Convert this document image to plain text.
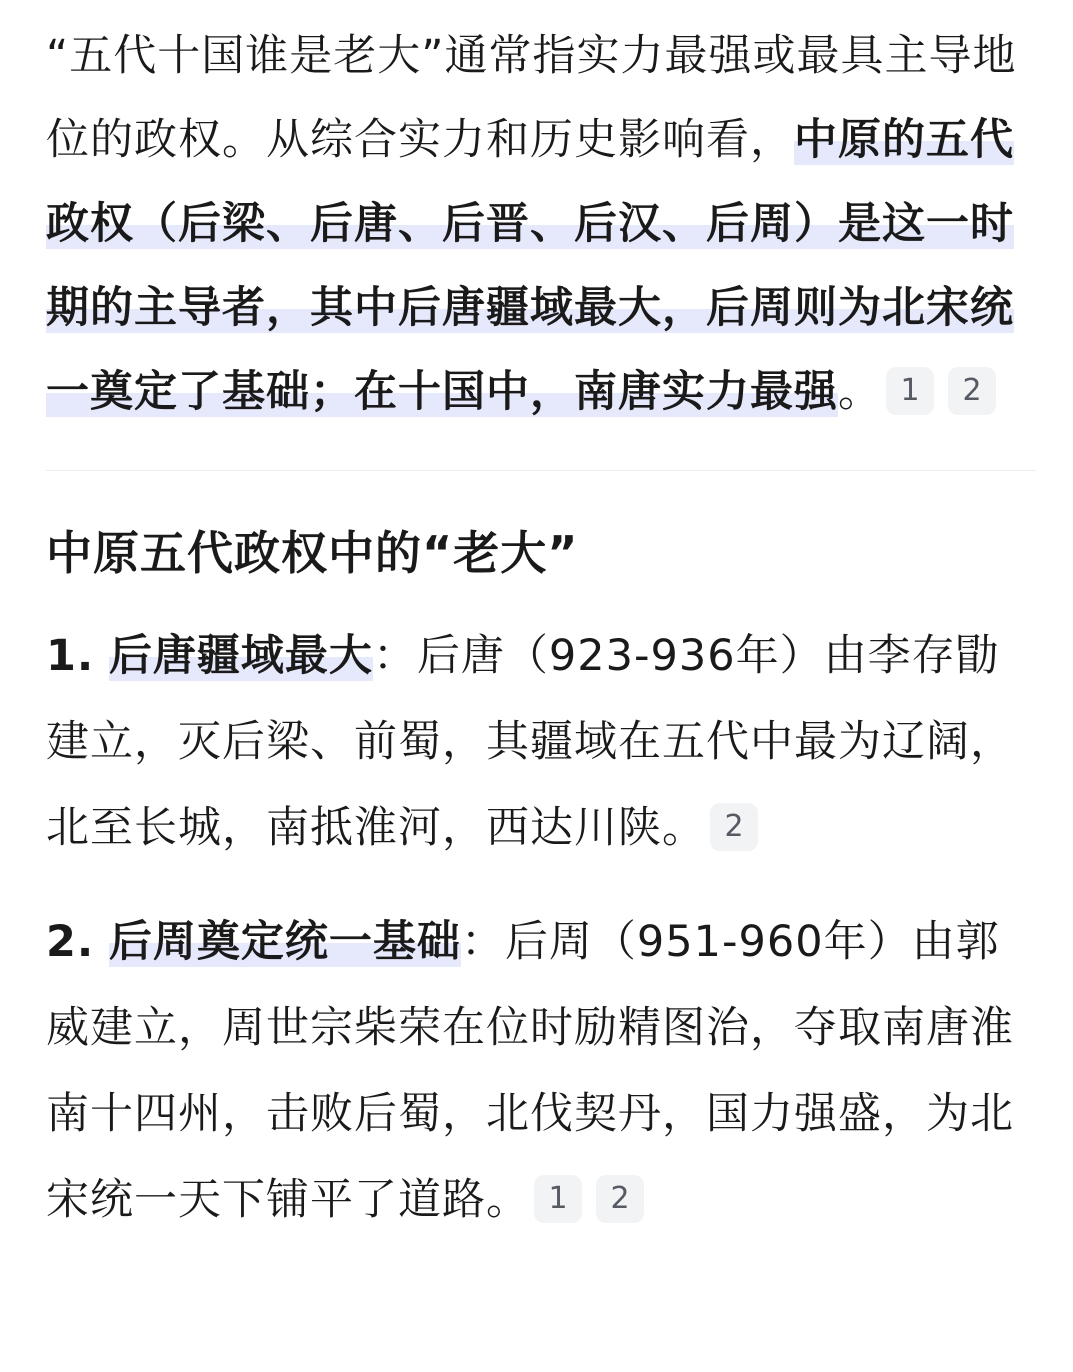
“五代十国谁是老大”通常指实力最强或最具主导地位的政权。从综合实力和历史影响看，中原的五代政权（后梁、后唐、后晋、后汉、后周）是这一时期的主导者，其中后唐疆域最大，后周则为北宋统一奠定了基础；在十国中，南唐实力最强。 1 2

中原五代政权中的“老大”

1. 后唐疆域最大：后唐（923-936年）由李存勖建立，灭后梁、前蜀，其疆域在五代中最为辽阔，北至长城，南抵淮河，西达川陕。 2

2. 后周奠定统一基础：后周（951-960年）由郭威建立，周世宗柴荣在位时励精图治，夺取南唐淮南十四州，击败后蜀，北伐契丹，国力强盛，为北宋统一天下铺平了道路。 1 2
